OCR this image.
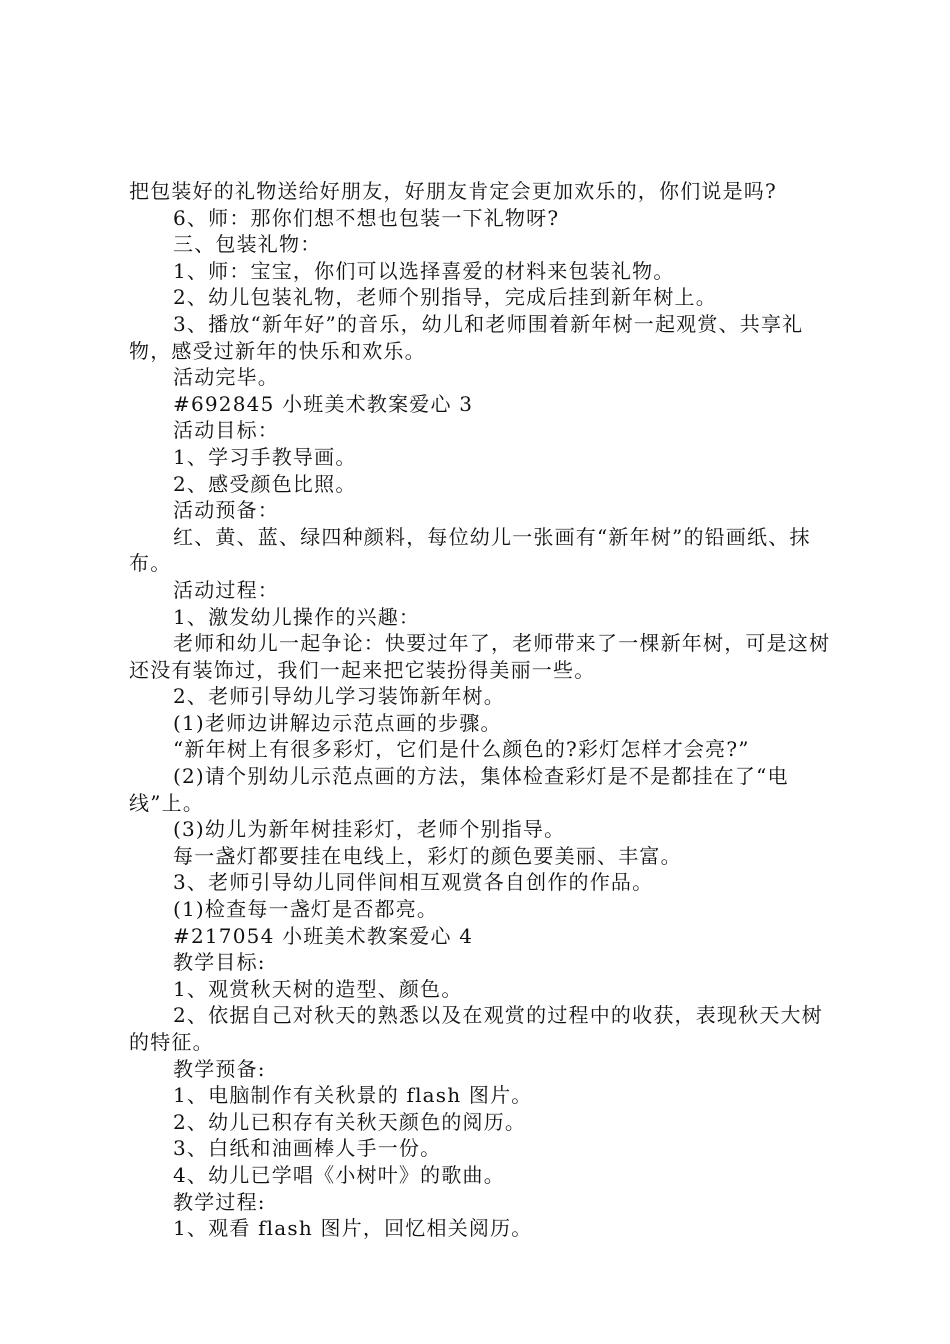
把包装好的礼物送给好朋友，好朋友肯定会更加欢乐的，你们说是吗?

6、师：那你们想不想也包装一下礼物呀?

三、包装礼物：

1、师：宝宝，你们可以选择喜爱的材料来包装礼物。

2、幼儿包装礼物，老师个别指导，完成后挂到新年树上。

3、播放“新年好”的音乐，幼儿和老师围着新年树一起观赏、共享礼物，感受过新年的快乐和欢乐。

活动完毕。

#692845 小班美术教案爱心 3

活动目标：

1、学习手教导画。

2、感受颜色比照。

活动预备：

红、黄、蓝、绿四种颜料，每位幼儿一张画有“新年树”的铅画纸、抹布。

活动过程：

1、激发幼儿操作的兴趣：

老师和幼儿一起争论：快要过年了，老师带来了一棵新年树，可是这树还没有装饰过，我们一起来把它装扮得美丽一些。

2、老师引导幼儿学习装饰新年树。

(1)老师边讲解边示范点画的步骤。

“新年树上有很多彩灯，它们是什么颜色的?彩灯怎样才会亮?”

(2)请个别幼儿示范点画的方法，集体检查彩灯是不是都挂在了“电线”上。

(3)幼儿为新年树挂彩灯，老师个别指导。

每一盏灯都要挂在电线上，彩灯的颜色要美丽、丰富。

3、老师引导幼儿同伴间相互观赏各自创作的作品。

(1)检查每一盏灯是否都亮。

#217054 小班美术教案爱心 4

教学目标:

1、观赏秋天树的造型、颜色。

2、依据自己对秋天的熟悉以及在观赏的过程中的收获，表现秋天大树的特征。

教学预备:

1、电脑制作有关秋景的 flash 图片。

2、幼儿已积存有关秋天颜色的阅历。

3、白纸和油画棒人手一份。

4、幼儿已学唱《小树叶》的歌曲。

教学过程:

1、观看 flash 图片，回忆相关阅历。
